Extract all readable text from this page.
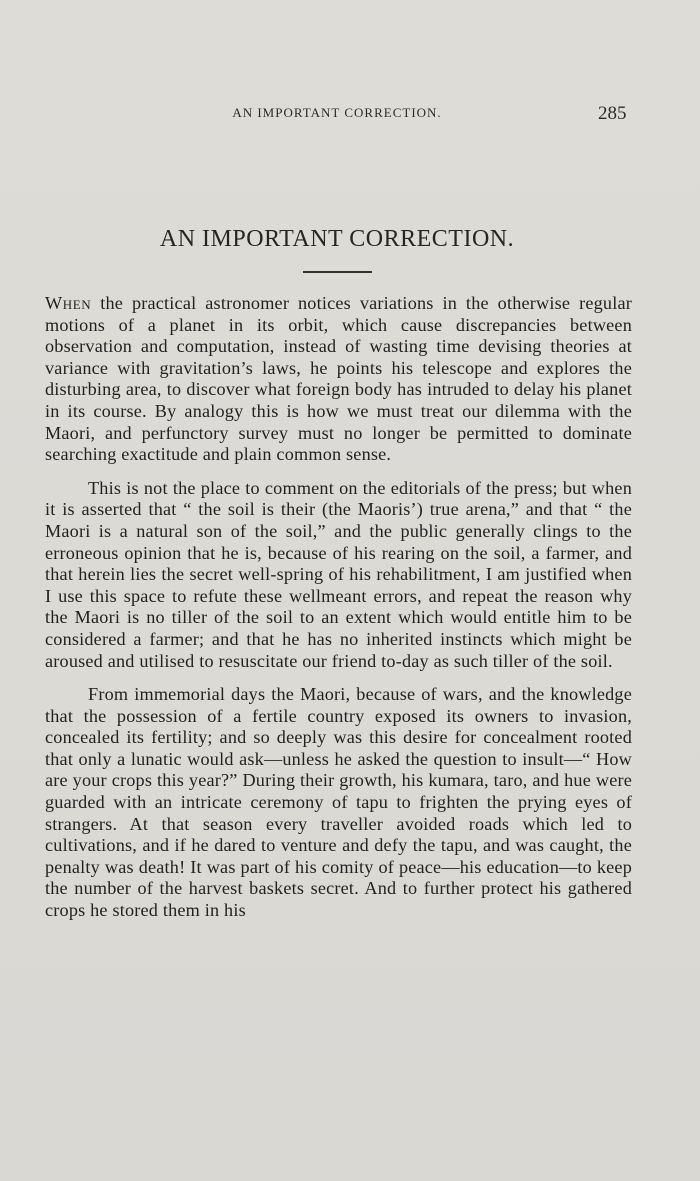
AN IMPORTANT CORRECTION.	285
AN IMPORTANT CORRECTION.

When the practical astronomer notices variations in the otherwise regular motions of a planet in its orbit, which cause discrepancies between observation and computation, instead of wasting time devising theories at variance with gravitation’s laws, he points his telescope and explores the disturbing area, to discover what foreign body has intruded to delay his planet in its course. By analogy this is how we must treat our dilemma with the Maori, and perfunctory survey must no longer be permitted to dominate searching exactitude and plain common sense.

This is not the place to comment on the editorials of the press; but when it is asserted that “ the soil is their (the Maoris’) true arena,” and that “ the Maori is a natural son of the soil,” and the public generally clings to the erroneous opinion that he is, because of his rearing on the soil, a farmer, and that herein lies the secret well-spring of his rehabilitment, I am justified when I use this space to refute these wellmeant errors, and repeat the reason why the Maori is no tiller of the soil to an extent which would entitle him to be considered a farmer; and that he has no inherited instincts which might be aroused and utilised to resuscitate our friend to-day as such tiller of the soil.

From immemorial days the Maori, because of wars, and the knowledge that the possession of a fertile country exposed its owners to invasion, concealed its fertility; and so deeply was this desire for concealment rooted that only a lunatic would ask—unless he asked the question to insult—“ How are your crops this year?” During their growth, his kumara, taro, and hue were guarded with an intricate ceremony of tapu to frighten the prying eyes of strangers. At that season every traveller avoided roads which led to cultivations, and if he dared to venture and defy the tapu, and was caught, the penalty was death! It was part of his comity of peace—his education—to keep the number of the harvest baskets secret. And to further protect his gathered crops he stored them in his
